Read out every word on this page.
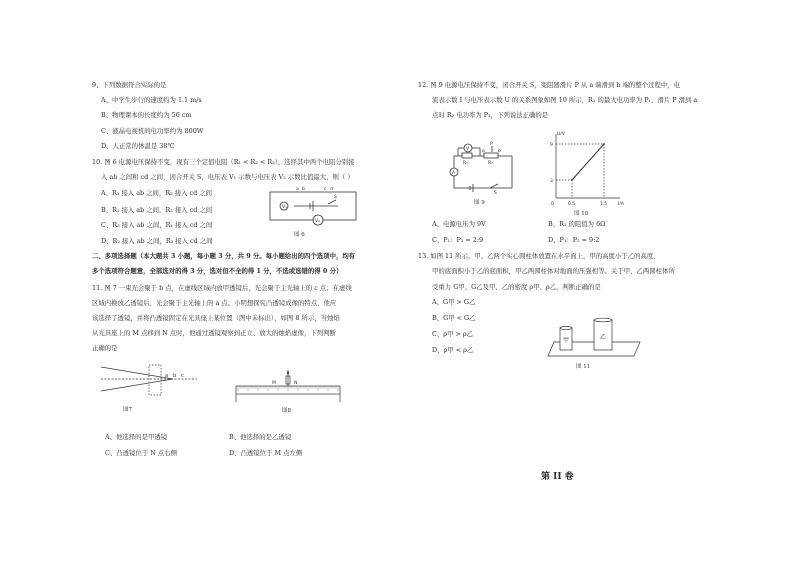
9、下列数据符合实际的是
A、中学生步行的速度约为 1.1 m/s
B、物理课本的长度约为 56 cm
C、液晶电视机的电功率约为 800W
D、人正常的体温是 38℃
10. 图 6 电源电压保持不变，现有三个定值电阻（R₁ < R₂ < R₃），选择其中两个电阻分别接
入 ab 之间和 cd 之间，闭合开关 S，电压表 V₁ 示数与电压表 V₂ 示数比值最大，则（ ）
A、R₁ 接入 ab 之间，R₂ 接入 cd 之间
B、R₁ 接入 ab 之间，R₃ 接入 cd 之间
C、R₃ 接入 ab 之间，R₁ 接入 cd 之间
D、R₂ 接入 ab 之间，R₃ 接入 cd 之间
二、多项选择题（本大题共 3 小题，每小题 3 分，共 9 分。每小题给出的四个选项中，均有
多个选项符合题意，全部选对的得 3 分，选对但不全的得 1 分，不选或选错的得 0 分）
11. 图 7 一束光会聚于 b 点，在虚线区域内放甲透镜后，光会聚于主光轴上的 c 点；在虚线
区域内换放乙透镜后，光会聚于主光轴上的 a 点。小明想探究凸透镜成像的特点，他应
该选择了透镜，并将凸透镜固定在光具座上某位置（图中未标出），如图 8 所示，当烛焰
从光具座上的 M 点移到 N 点时，他通过透镜观察到正立、放大的烛焰虚像，下列判断
正确的是
A、他选择的是甲透镜	B、他选择的是乙透镜
C、凸透镜位于 N 点右侧	D、凸透镜位于 M 点左侧
V₁
V₂
a b	c d
S
图 6
a b c
图7
M	N
图8
12. 图 9 电源电压保持不变，闭合开关 S，变阻器滑片 P 从 a 端滑到 b 端的整个过程中，电
流表示数 I 与电压表示数 U 的关系图象如图 10 所示，R₁ 的最大电功率为 P₁，滑片 P 滑到 a
点时 R₂ 电功率为 P₂，下列说法正确的是
A、电源电压为 9V	B、R₁ 的阻值为 6Ω
C、P₁：P₂ = 2:9	D、P₁：P₂ = 9:2
13. 如图 11 所示，甲、乙两个实心圆柱体放置在水平面上，甲的高度小于乙的高度，
甲的底面积小于乙的底面积，甲乙两圆柱体对地面的压强相等。关于甲、乙两圆柱体所
受重力 G甲、G乙及甲、乙的密度 ρ甲、ρ乙，判断正确的是
A、G甲 > G乙
B、G甲 < G乙
C、ρ甲 > ρ乙
D、ρ甲 < ρ乙
V
A
R₁	R₂
P
a	b
S
图 9
U/V
I/A
9
3
0	0.5	1.5
图 10
甲	乙
图 11
第 II 卷
